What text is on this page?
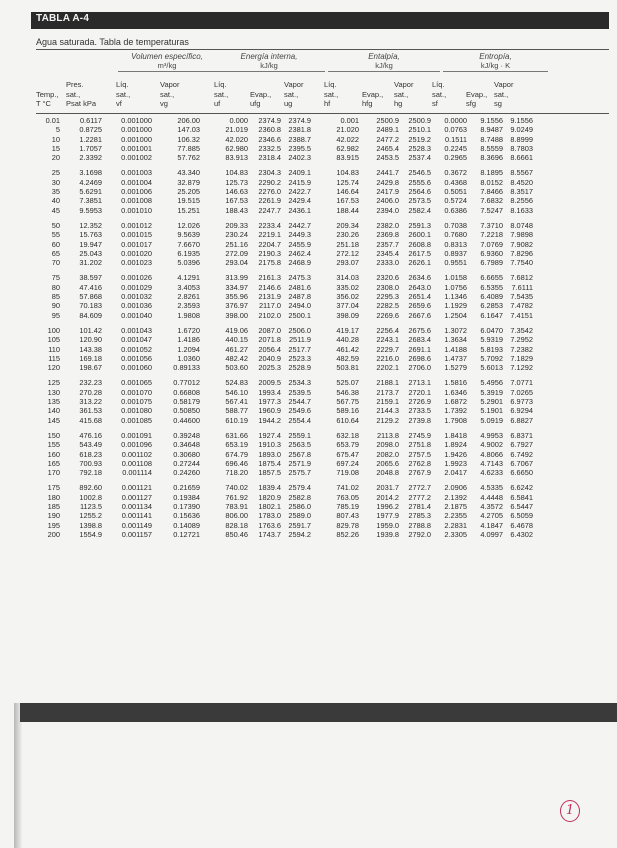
TABLA A-4
Agua saturada. Tabla de temperaturas
Volumen específico,
m³/kg
Energía interna,
kJ/kg
Entalpía,
kJ/kg
Entropía,
kJ/kg · K

Temp.,
T °C
Pres.
sat.,
Psat kPa
Líq.
sat.,
vf
Vapor
sat.,
vg
Líq.
sat.,
uf

Evap.,
ufg
Vapor
sat.,
ug
Líq.
sat.,
hf

Evap.,
hfg
Vapor
sat.,
hg
Líq.
sat.,
sf

Evap.,
sfg
Vapor
sat.,
sg
0.01	0.6117	0.001000	206.00	0.000	2374.9	2374.9	0.001	2500.9	2500.9	0.0000	9.1556	9.1556
5	0.8725	0.001000	147.03	21.019	2360.8	2381.8	21.020	2489.1	2510.1	0.0763	8.9487	9.0249
10	1.2281	0.001000	106.32	42.020	2346.6	2388.7	42.022	2477.2	2519.2	0.1511	8.7488	8.8999
15	1.7057	0.001001	77.885	62.980	2332.5	2395.5	62.982	2465.4	2528.3	0.2245	8.5559	8.7803
20	2.3392	0.001002	57.762	83.913	2318.4	2402.3	83.915	2453.5	2537.4	0.2965	8.3696	8.6661

25	3.1698	0.001003	43.340	104.83	2304.3	2409.1	104.83	2441.7	2546.5	0.3672	8.1895	8.5567
30	4.2469	0.001004	32.879	125.73	2290.2	2415.9	125.74	2429.8	2555.6	0.4368	8.0152	8.4520
35	5.6291	0.001006	25.205	146.63	2276.0	2422.7	146.64	2417.9	2564.6	0.5051	7.8466	8.3517
40	7.3851	0.001008	19.515	167.53	2261.9	2429.4	167.53	2406.0	2573.5	0.5724	7.6832	8.2556
45	9.5953	0.001010	15.251	188.43	2247.7	2436.1	188.44	2394.0	2582.4	0.6386	7.5247	8.1633

50	12.352	0.001012	12.026	209.33	2233.4	2442.7	209.34	2382.0	2591.3	0.7038	7.3710	8.0748
55	15.763	0.001015	9.5639	230.24	2219.1	2449.3	230.26	2369.8	2600.1	0.7680	7.2218	7.9898
60	19.947	0.001017	7.6670	251.16	2204.7	2455.9	251.18	2357.7	2608.8	0.8313	7.0769	7.9082
65	25.043	0.001020	6.1935	272.09	2190.3	2462.4	272.12	2345.4	2617.5	0.8937	6.9360	7.8296
70	31.202	0.001023	5.0396	293.04	2175.8	2468.9	293.07	2333.0	2626.1	0.9551	6.7989	7.7540

75	38.597	0.001026	4.1291	313.99	2161.3	2475.3	314.03	2320.6	2634.6	1.0158	6.6655	7.6812
80	47.416	0.001029	3.4053	334.97	2146.6	2481.6	335.02	2308.0	2643.0	1.0756	6.5355	7.6111
85	57.868	0.001032	2.8261	355.96	2131.9	2487.8	356.02	2295.3	2651.4	1.1346	6.4089	7.5435
90	70.183	0.001036	2.3593	376.97	2117.0	2494.0	377.04	2282.5	2659.6	1.1929	6.2853	7.4782
95	84.609	0.001040	1.9808	398.00	2102.0	2500.1	398.09	2269.6	2667.6	1.2504	6.1647	7.4151

100	101.42	0.001043	1.6720	419.06	2087.0	2506.0	419.17	2256.4	2675.6	1.3072	6.0470	7.3542
105	120.90	0.001047	1.4186	440.15	2071.8	2511.9	440.28	2243.1	2683.4	1.3634	5.9319	7.2952
110	143.38	0.001052	1.2094	461.27	2056.4	2517.7	461.42	2229.7	2691.1	1.4188	5.8193	7.2382
115	169.18	0.001056	1.0360	482.42	2040.9	2523.3	482.59	2216.0	2698.6	1.4737	5.7092	7.1829
120	198.67	0.001060	0.89133	503.60	2025.3	2528.9	503.81	2202.1	2706.0	1.5279	5.6013	7.1292

125	232.23	0.001065	0.77012	524.83	2009.5	2534.3	525.07	2188.1	2713.1	1.5816	5.4956	7.0771
130	270.28	0.001070	0.66808	546.10	1993.4	2539.5	546.38	2173.7	2720.1	1.6346	5.3919	7.0265
135	313.22	0.001075	0.58179	567.41	1977.3	2544.7	567.75	2159.1	2726.9	1.6872	5.2901	6.9773
140	361.53	0.001080	0.50850	588.77	1960.9	2549.6	589.16	2144.3	2733.5	1.7392	5.1901	6.9294
145	415.68	0.001085	0.44600	610.19	1944.2	2554.4	610.64	2129.2	2739.8	1.7908	5.0919	6.8827

150	476.16	0.001091	0.39248	631.66	1927.4	2559.1	632.18	2113.8	2745.9	1.8418	4.9953	6.8371
155	543.49	0.001096	0.34648	653.19	1910.3	2563.5	653.79	2098.0	2751.8	1.8924	4.9002	6.7927
160	618.23	0.001102	0.30680	674.79	1893.0	2567.8	675.47	2082.0	2757.5	1.9426	4.8066	6.7492
165	700.93	0.001108	0.27244	696.46	1875.4	2571.9	697.24	2065.6	2762.8	1.9923	4.7143	6.7067
170	792.18	0.001114	0.24260	718.20	1857.5	2575.7	719.08	2048.8	2767.9	2.0417	4.6233	6.6650

175	892.60	0.001121	0.21659	740.02	1839.4	2579.4	741.02	2031.7	2772.7	2.0906	4.5335	6.6242
180	1002.8	0.001127	0.19384	761.92	1820.9	2582.8	763.05	2014.2	2777.2	2.1392	4.4448	6.5841
185	1123.5	0.001134	0.17390	783.91	1802.1	2586.0	785.19	1996.2	2781.4	2.1875	4.3572	6.5447
190	1255.2	0.001141	0.15636	806.00	1783.0	2589.0	807.43	1977.9	2785.3	2.2355	4.2705	6.5059
195	1398.8	0.001149	0.14089	828.18	1763.6	2591.7	829.78	1959.0	2788.8	2.2831	4.1847	6.4678
200	1554.9	0.001157	0.12721	850.46	1743.7	2594.2	852.26	1939.8	2792.0	2.3305	4.0997	6.4302
1
